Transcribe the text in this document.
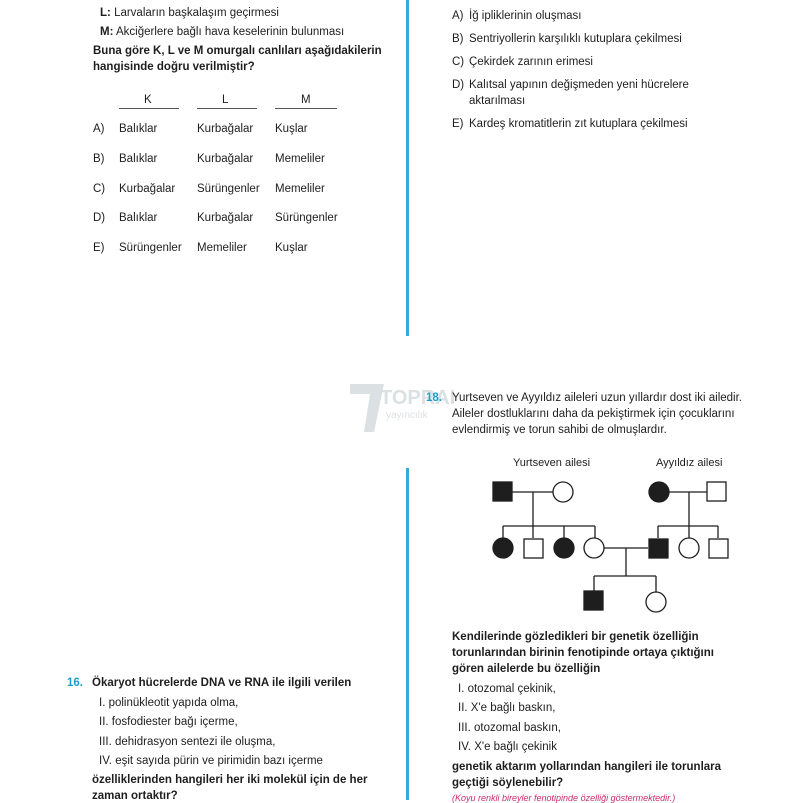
L: Larvaların başkalaşım geçirmesi
M: Akciğerlere bağlı hava keselerinin bulunması
Buna göre K, L ve M omurgalı canlıları aşağıdakilerin
hangisinde doğru verilmiştir?
K	L	M
A) Balıklar	Kurbağalar Kuşlar
B) Balıklar	Kurbağalar Memeliler
C) Kurbağalar Sürüngenler Memeliler
D) Balıklar	Kurbağalar Sürüngenler
E) Sürüngenler Memeliler Kuşlar
A) İğ ipliklerinin oluşması
B) Sentriyollerin karşılıklı kutuplara çekilmesi
C) Çekirdek zarının erimesi
D) Kalıtsal yapının değişmeden yeni hücrelere
aktarılması
E) Kardeş kromatitlerin zıt kutuplara çekilmesi
TOPRA
yayıncılık
18. Yurtseven ve Ayyıldız aileleri uzun yıllardır dost iki ailedir.
Aileler dostluklarını daha da pekiştirmek için çocuklarını
evlendirmiş ve torun sahibi de olmuşlardır.
Yurtseven ailesi	Ayyıldız ailesi
Kendilerinde gözledikleri bir genetik özelliğin
torunlarından birinin fenotipinde ortaya çıktığını
gören ailelerde bu özelliğin
I. otozomal çekinik,
II. X'e bağlı baskın,
III. otozomal baskın,
IV. X'e bağlı çekinik
genetik aktarım yollarından hangileri ile torunlara
geçtiği söylenebilir?
(Koyu renkli bireyler fenotipinde özelliği göstermektedir.)
16. Ökaryot hücrelerde DNA ve RNA ile ilgili verilen
I. polinükleotit yapıda olma,
II. fosfodiester bağı içerme,
III. dehidrasyon sentezi ile oluşma,
IV. eşit sayıda pürin ve pirimidin bazı içerme
özelliklerinden hangileri her iki molekül için de her
zaman ortaktır?
